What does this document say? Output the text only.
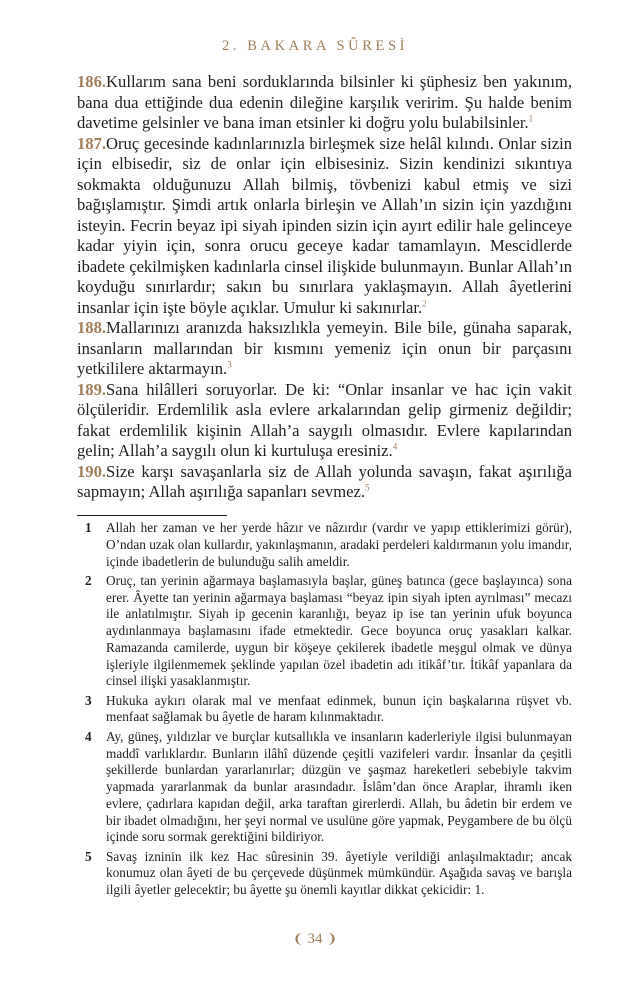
2. BAKARA SÛRESİ

186.Kullarım sana beni sorduklarında bilsinler ki şüphesiz ben yakınım, bana dua ettiğinde dua edenin dileğine karşılık veririm. Şu halde benim davetime gelsinler ve bana iman etsinler ki doğru yolu bulabilsinler.$^1$

187.Oruç gecesinde kadınlarınızla birleşmek size helâl kılındı. Onlar sizin için elbisedir, siz de onlar için elbisesiniz. Sizin kendinizi sıkıntıya sokmakta olduğunuzu Allah bilmiş, tövbenizi kabul etmiş ve sizi bağışlamıştır. Şimdi artık onlarla birleşin ve Allah’ın sizin için yazdığını isteyin. Fecrin beyaz ipi siyah ipinden sizin için ayırt edilir hale gelinceye kadar yiyin için, sonra orucu geceye kadar tamamlayın. Mescidlerde ibadete çekilmişken kadınlarla cinsel ilişkide bulunmayın. Bunlar Allah’ın koyduğu sınırlardır; sakın bu sınırlara yaklaşmayın. Allah âyetlerini insanlar için işte böyle açıklar. Umulur ki sakınırlar.$^2$

188.Mallarınızı aranızda haksızlıkla yemeyin. Bile bile, günaha saparak, insanların mallarından bir kısmını yemeniz için onun bir parçasını yetkililere aktarmayın.$^3$

189.Sana hilâlleri soruyorlar. De ki: “Onlar insanlar ve hac için vakit ölçüleridir. Erdemlilik asla evlere arkalarından gelip girmeniz değildir; fakat erdemlilik kişinin Allah’a saygılı olmasıdır. Evlere kapılarından gelin; Allah’a saygılı olun ki kurtuluşa eresiniz.$^4$

190.Size karşı savaşanlarla siz de Allah yolunda savaşın, fakat aşırılığa sapmayın; Allah aşırılığa sapanları sevmez.$^5$

1	Allah her zaman ve her yerde hâzır ve nâzırdır (vardır ve yapıp ettiklerimizi görür), O’ndan uzak olan kullardır, yakınlaşmanın, aradaki perdeleri kaldırmanın yolu imandır, içinde ibadetlerin de bulunduğu salih ameldir.
2	Oruç, tan yerinin ağarmaya başlamasıyla başlar, güneş batınca (gece başlayınca) sona erer. Âyette tan yerinin ağarmaya başlaması “beyaz ipin siyah ipten ayrılması” mecazı ile anlatılmıştır. Siyah ip gecenin karanlığı, beyaz ip ise tan yerinin ufuk boyunca aydınlanmaya başlamasını ifade etmektedir. Gece boyunca oruç yasakları kalkar. Ramazanda camilerde, uygun bir köşeye çekilerek ibadetle meşgul olmak ve dünya işleriyle ilgilenmemek şeklinde yapılan özel ibadetin adı itikâf’tır. İtikâf yapanlara da cinsel ilişki yasaklanmıştır.
3	Hukuka aykırı olarak mal ve menfaat edinmek, bunun için başkalarına rüşvet vb. menfaat sağlamak bu âyetle de haram kılınmaktadır.
4	Ay, güneş, yıldızlar ve burçlar kutsallıkla ve insanların kaderleriyle ilgisi bulunmayan maddî varlıklardır. Bunların ilâhî düzende çeşitli vazifeleri vardır. İnsanlar da çeşitli şekillerde bunlardan yararlanırlar; düzgün ve şaşmaz hareketleri sebebiyle takvim yapmada yararlanmak da bunlar arasındadır. İslâm’dan önce Araplar, ihramlı iken evlere, çadırlara kapıdan değil, arka taraftan girerlerdi. Allah, bu âdetin bir erdem ve bir ibadet olmadığını, her şeyi normal ve usulüne göre yapmak, Peygambere de bu ölçü içinde soru sormak gerektiğini bildiriyor.
5	Savaş izninin ilk kez Hac sûresinin 39. âyetiyle verildiği anlaşılmaktadır; ancak konumuz olan âyeti de bu çerçevede düşünmek mümkündür. Aşağıda savaş ve barışla ilgili âyetler gelecektir; bu âyette şu önemli kayıtlar dikkat çekicidir: 1.
❨ 34 ❩
